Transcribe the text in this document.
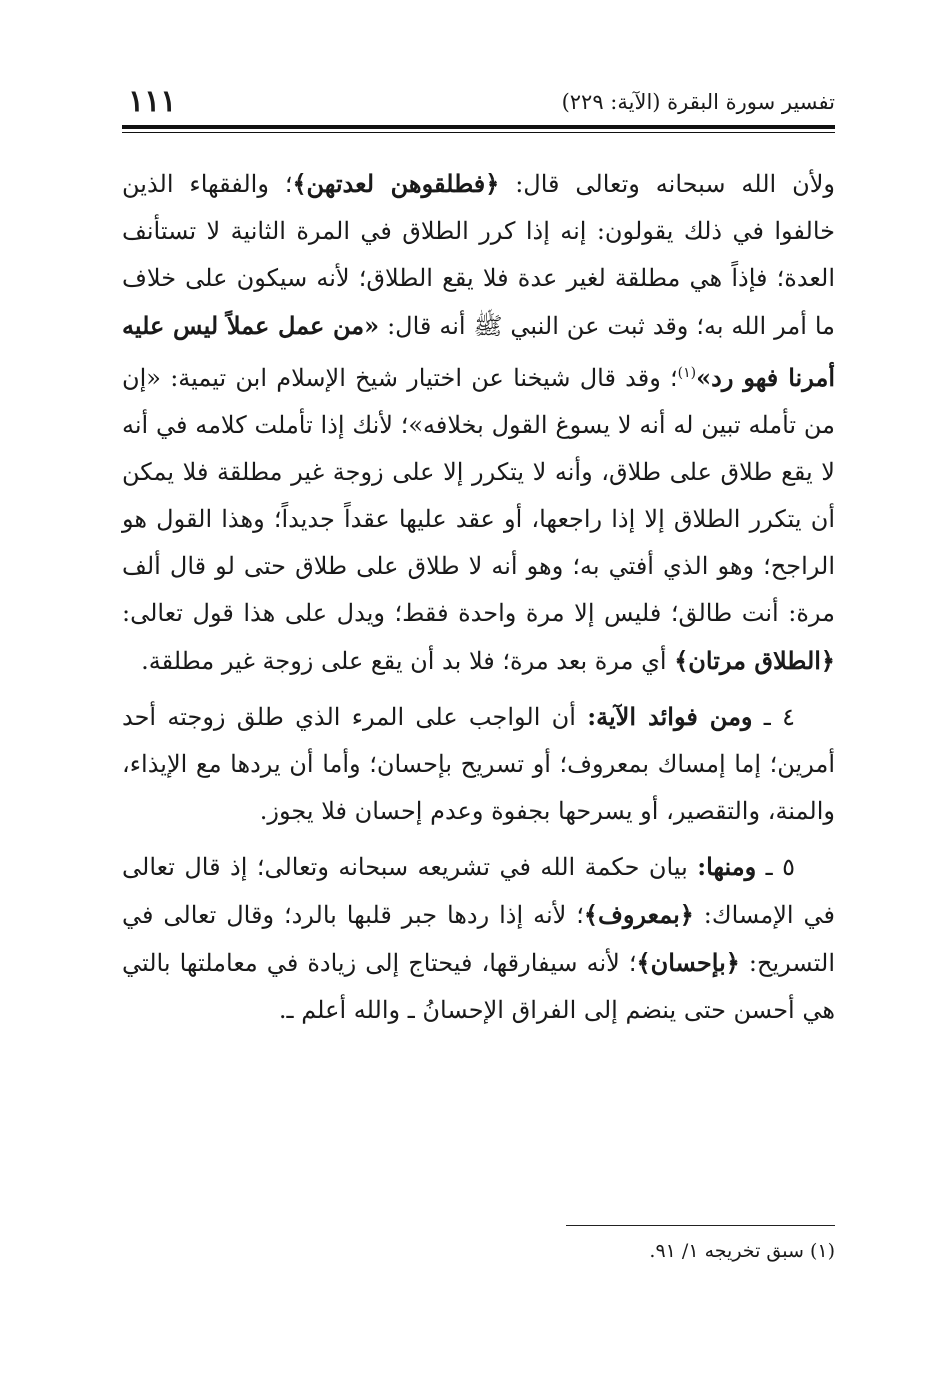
تفسير سورة البقرة (الآية: ٢٢٩)
١١١

ولأن الله سبحانه وتعالى قال: ﴿فطلقوهن لعدتهن﴾؛ والفقهاء الذين خالفوا في ذلك يقولون: إنه إذا كرر الطلاق في المرة الثانية لا تستأنف العدة؛ فإذاً هي مطلقة لغير عدة فلا يقع الطلاق؛ لأنه سيكون على خلاف ما أمر الله به؛ وقد ثبت عن النبي ﷺ أنه قال: «من عمل عملاً ليس عليه أمرنا فهو رد»$^{(١)}$؛ وقد قال شيخنا عن اختيار شيخ الإسلام ابن تيمية: «إن من تأمله تبين له أنه لا يسوغ القول بخلافه»؛ لأنك إذا تأملت كلامه في أنه لا يقع طلاق على طلاق، وأنه لا يتكرر إلا على زوجة غير مطلقة فلا يمكن أن يتكرر الطلاق إلا إذا راجعها، أو عقد عليها عقداً جديداً؛ وهذا القول هو الراجح؛ وهو الذي أفتي به؛ وهو أنه لا طلاق على طلاق حتى لو قال ألف مرة: أنت طالق؛ فليس إلا مرة واحدة فقط؛ ويدل على هذا قول تعالى: ﴿الطلاق مرتان﴾ أي مرة بعد مرة؛ فلا بد أن يقع على زوجة غير مطلقة.

٤ ـ ومن فوائد الآية: أن الواجب على المرء الذي طلق زوجته أحد أمرين؛ إما إمساك بمعروف؛ أو تسريح بإحسان؛ وأما أن يردها مع الإيذاء، والمنة، والتقصير، أو يسرحها بجفوة وعدم إحسان فلا يجوز.

٥ ـ ومنها: بيان حكمة الله في تشريعه سبحانه وتعالى؛ إذ قال تعالى في الإمساك: ﴿بمعروف﴾؛ لأنه إذا ردها جبر قلبها بالرد؛ وقال تعالى في التسريح: ﴿بإحسان﴾؛ لأنه سيفارقها، فيحتاج إلى زيادة في معاملتها بالتي هي أحسن حتى ينضم إلى الفراق الإحسانُ ـ والله أعلم ـ.

(١) سبق تخريجه ١/ ٩١.
